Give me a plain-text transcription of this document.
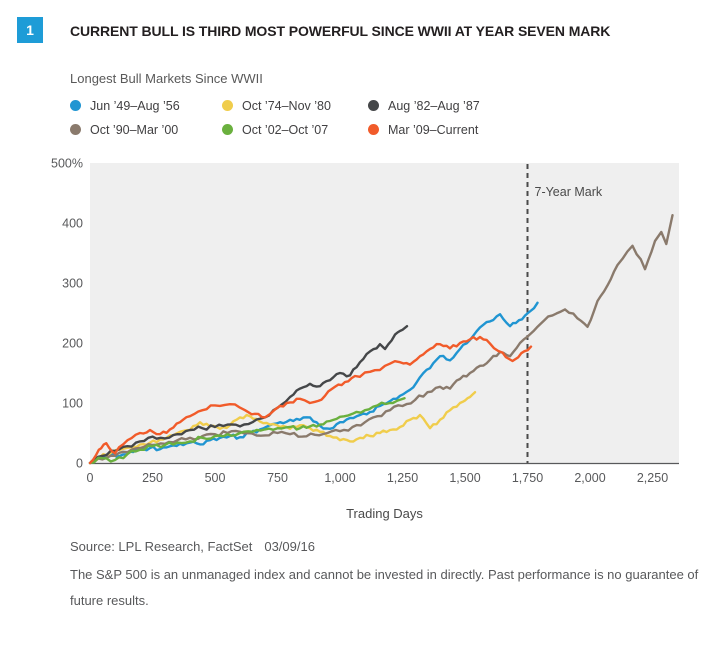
1	CURRENT BULL IS THIRD MOST POWERFUL SINCE WWII AT YEAR SEVEN MARK
Longest Bull Markets Since WWII
Jun ’49–Aug ’56	Oct ’74–Nov ’80	Aug ’82–Aug ’87
Oct ’90–Mar ’00	Oct ’02–Oct ’07	Mar ’09–Current
0
100
200
300
400
500%
0	250	500	750	1,000 1,250 1,500 1,750 2,000 2,250
7-Year Mark
Trading Days
Source: LPL Research, FactSet 03/09/16
The S&P 500 is an unmanaged index and cannot be invested in directly. Past performance is no guarantee of future results.
